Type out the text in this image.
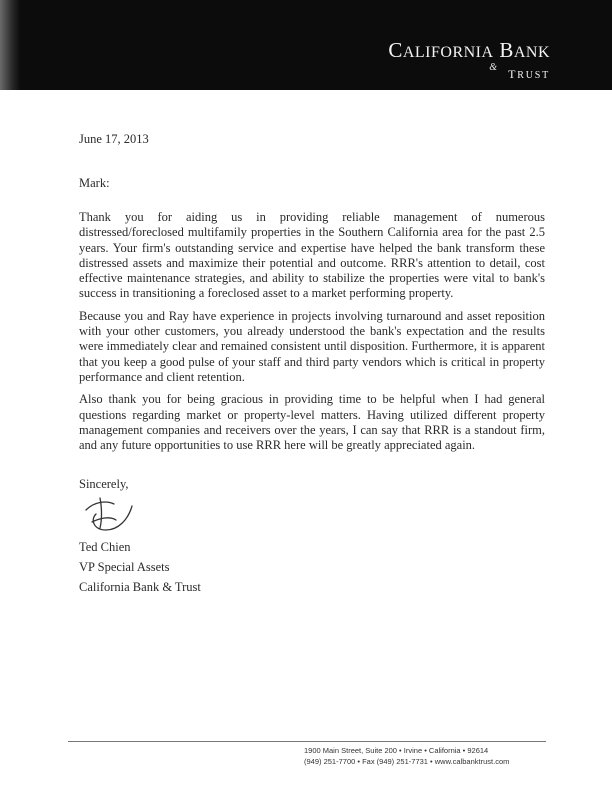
CALIFORNIA BANK
& TRUST
June 17, 2013
Mark:

Thank you for aiding us in providing reliable management of numerous distressed/foreclosed multifamily properties in the Southern California area for the past 2.5 years. Your firm's outstanding service and expertise have helped the bank transform these distressed assets and maximize their potential and outcome. RRR's attention to detail, cost effective maintenance strategies, and ability to stabilize the properties were vital to bank's success in transitioning a foreclosed asset to a market performing property.

Because you and Ray have experience in projects involving turnaround and asset reposition with your other customers, you already understood the bank's expectation and the results were immediately clear and remained consistent until disposition. Furthermore, it is apparent that you keep a good pulse of your staff and third party vendors which is critical in property performance and client retention.

Also thank you for being gracious in providing time to be helpful when I had general questions regarding market or property-level matters. Having utilized different property management companies and receivers over the years, I can say that RRR is a standout firm, and any future opportunities to use RRR here will be greatly appreciated again.

Sincerely,
Ted Chien
VP Special Assets
California Bank & Trust
1900 Main Street, Suite 200 • Irvine • California • 92614
(949) 251-7700 • Fax (949) 251-7731 • www.calbanktrust.com
